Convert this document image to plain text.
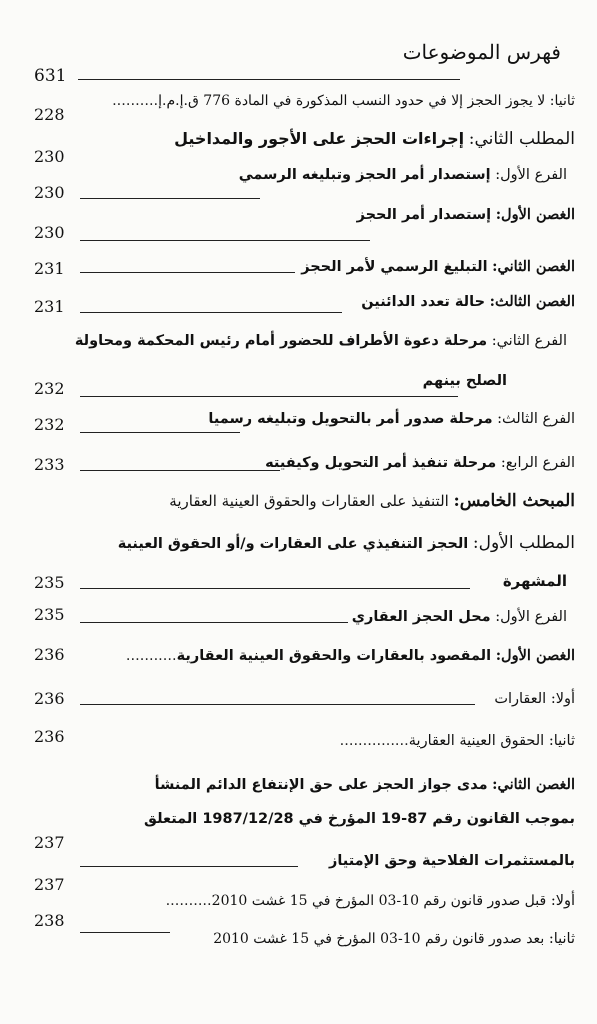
فهرس الموضوعات
631
ثانيا: لا يجوز الحجز إلا في حدود النسب المذكورة في المادة 776 ق.إ.م.إ..........
228
المطلب الثاني: إجراءات الحجز على الأجور والمداخيل
230
الفرع الأول: إستصدار أمر الحجز وتبليغه الرسمي
230
الغصن الأول: إستصدار أمر الحجز
230
الغصن الثاني: التبليغ الرسمي لأمر الحجز
231
الغصن الثالث: حالة تعدد الدائنين
231
الفرع الثاني: مرحلة دعوة الأطراف للحضور أمام رئيس المحكمة ومحاولة
الصلح بينهم
232
الفرع الثالث: مرحلة صدور أمر بالتحويل وتبليغه رسميا
232
الفرع الرابع: مرحلة تنفيذ أمر التحويل وكيفيته
233
المبحث الخامس: التنفيذ على العقارات والحقوق العينية العقارية
المطلب الأول: الحجز التنفيذي على العقارات و/أو الحقوق العينية
المشهرة
235
الفرع الأول: محل الحجز العقاري
235
الغصن الأول: المقصود بالعقارات والحقوق العينية العقارية...........
236
أولا: العقارات
236
ثانيا: الحقوق العينية العقارية...............
236
الغصن الثاني: مدى جواز الحجز على حق الإنتفاع الدائم المنشأ
بموجب القانون رقم 87-19 المؤرخ في 1987/12/28 المتعلق
بالمستثمرات الفلاحية وحق الإمتياز
237
أولا: قبل صدور قانون رقم 10-03 المؤرخ في 15 غشت 2010..........
237
ثانيا: بعد صدور قانون رقم 10-03 المؤرخ في 15 غشت 2010
238
